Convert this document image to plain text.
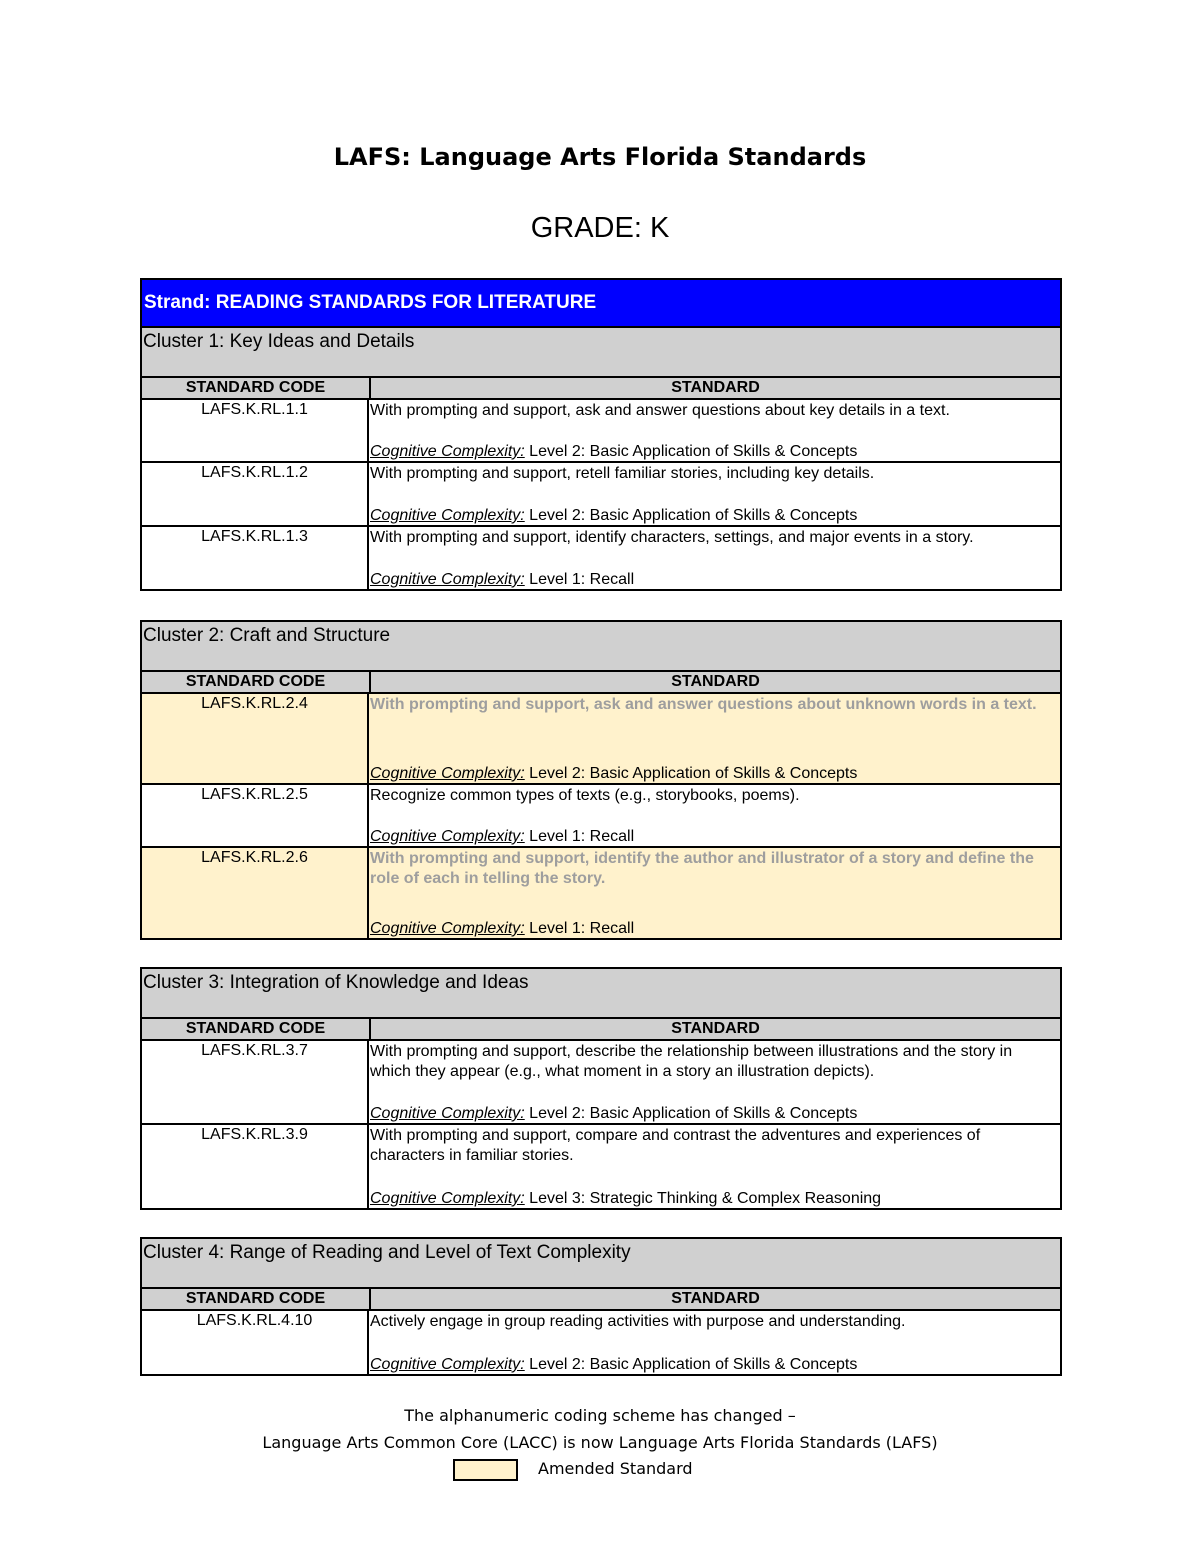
LAFS: Language Arts Florida Standards
GRADE: K
Strand: READING STANDARDS FOR LITERATURE
Cluster 1: Key Ideas and Details
STANDARD CODE	STANDARD
LAFS.K.RL.1.1	With prompting and support, ask and answer questions about key details in a text.
Cognitive Complexity: Level 2: Basic Application of Skills & Concepts
LAFS.K.RL.1.2	With prompting and support, retell familiar stories, including key details.
Cognitive Complexity: Level 2: Basic Application of Skills & Concepts
LAFS.K.RL.1.3	With prompting and support, identify characters, settings, and major events in a story.
Cognitive Complexity: Level 1: Recall
Cluster 2: Craft and Structure
STANDARD CODE	STANDARD
LAFS.K.RL.2.4	With prompting and support, ask and answer questions about unknown words in a text.
Cognitive Complexity: Level 2: Basic Application of Skills & Concepts
LAFS.K.RL.2.5	Recognize common types of texts (e.g., storybooks, poems).
Cognitive Complexity: Level 1: Recall
LAFS.K.RL.2.6	With prompting and support, identify the author and illustrator of a story and define the role of each in telling the story.
Cognitive Complexity: Level 1: Recall
Cluster 3: Integration of Knowledge and Ideas
STANDARD CODE	STANDARD
LAFS.K.RL.3.7	With prompting and support, describe the relationship between illustrations and the story in which they appear (e.g., what moment in a story an illustration depicts).
Cognitive Complexity: Level 2: Basic Application of Skills & Concepts
LAFS.K.RL.3.9	With prompting and support, compare and contrast the adventures and experiences of characters in familiar stories.
Cognitive Complexity: Level 3: Strategic Thinking & Complex Reasoning
Cluster 4: Range of Reading and Level of Text Complexity
STANDARD CODE	STANDARD
LAFS.K.RL.4.10	Actively engage in group reading activities with purpose and understanding.
Cognitive Complexity: Level 2: Basic Application of Skills & Concepts
The alphanumeric coding scheme has changed –
Language Arts Common Core (LACC) is now Language Arts Florida Standards (LAFS)
Amended Standard
